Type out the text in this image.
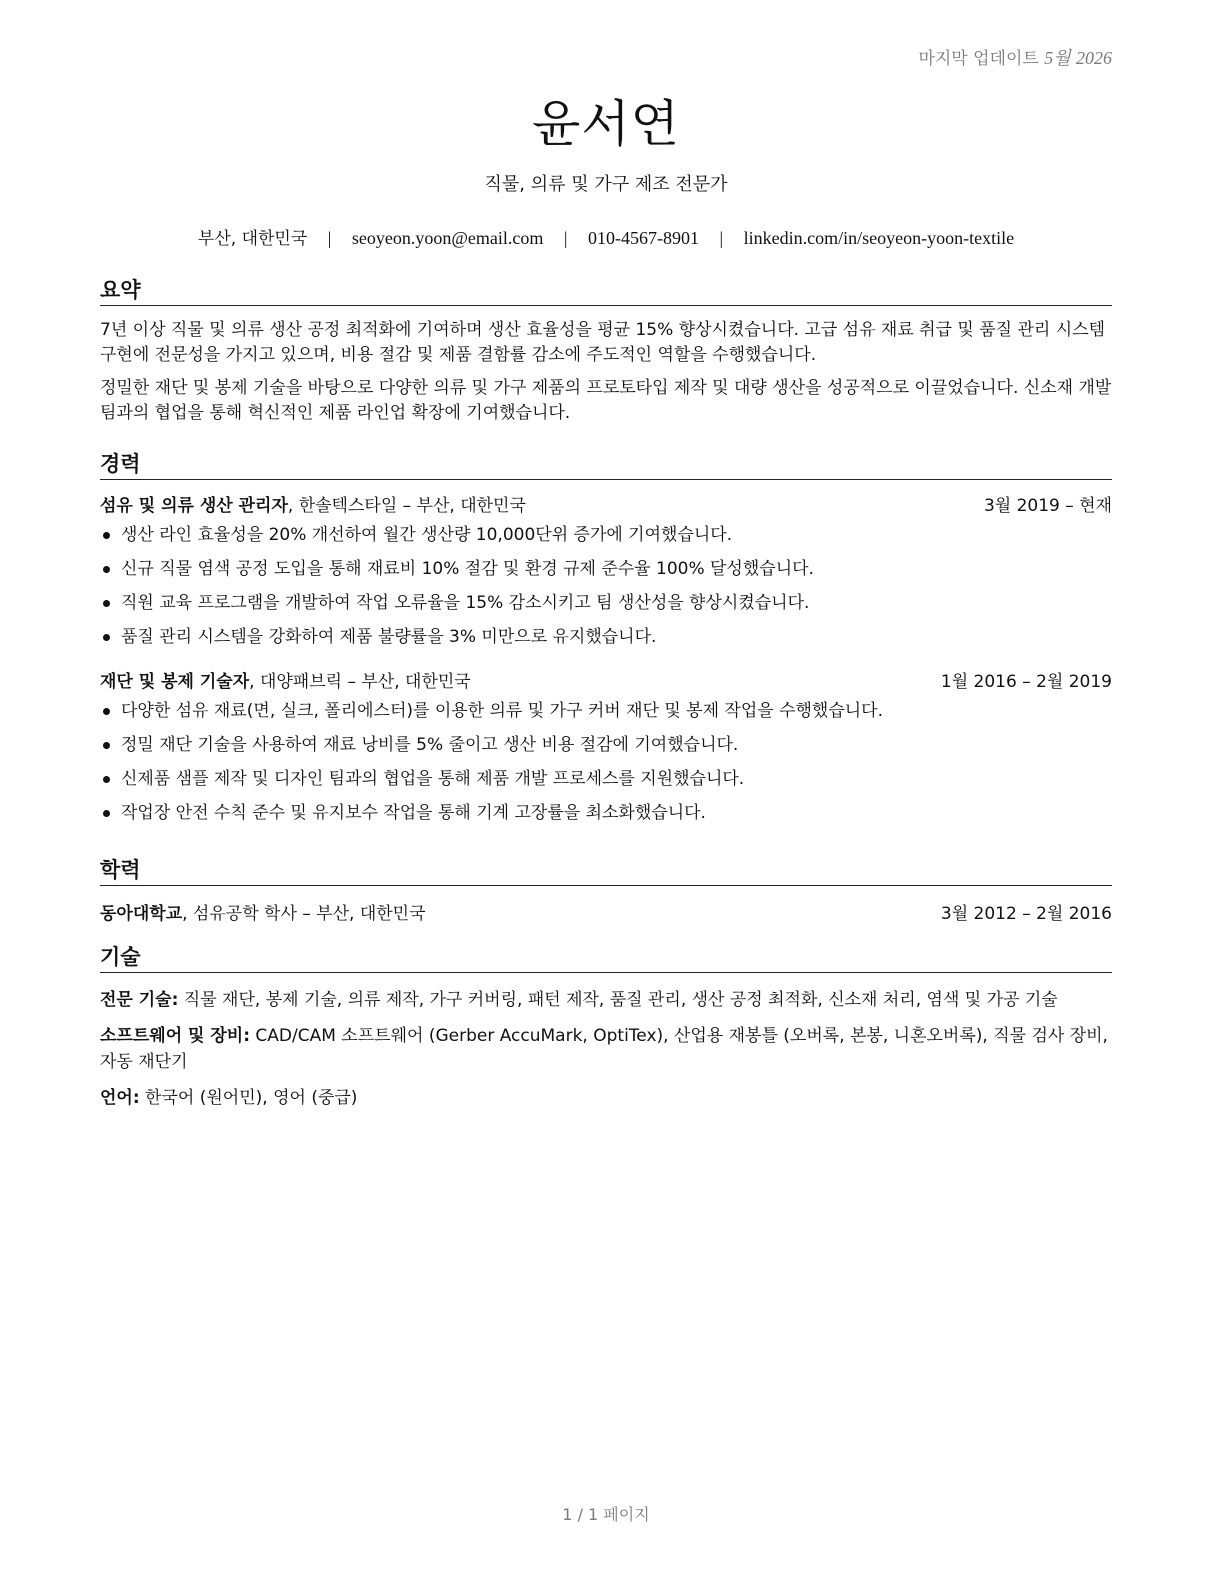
마지막 업데이트 5월 2026
윤서연
직물, 의류 및 가구 제조 전문가
부산, 대한민국 | seoyeon.yoon@email.com | 010-4567-8901 | linkedin.com/in/seoyeon-yoon-textile
요약

7년 이상 직물 및 의류 생산 공정 최적화에 기여하며 생산 효율성을 평균 15% 향상시켰습니다. 고급 섬유 재료 취급 및 품질 관리 시스템 구현에 전문성을 가지고 있으며, 비용 절감 및 제품 결함률 감소에 주도적인 역할을 수행했습니다.

정밀한 재단 및 봉제 기술을 바탕으로 다양한 의류 및 가구 제품의 프로토타입 제작 및 대량 생산을 성공적으로 이끌었습니다. 신소재 개발팀과의 협업을 통해 혁신적인 제품 라인업 확장에 기여했습니다.

경력
섬유 및 의류 생산 관리자, 한솔텍스타일 – 부산, 대한민국	3월 2019 – 현재
생산 라인 효율성을 20% 개선하여 월간 생산량 10,000단위 증가에 기여했습니다.
신규 직물 염색 공정 도입을 통해 재료비 10% 절감 및 환경 규제 준수율 100% 달성했습니다.
직원 교육 프로그램을 개발하여 작업 오류율을 15% 감소시키고 팀 생산성을 향상시켰습니다.
품질 관리 시스템을 강화하여 제품 불량률을 3% 미만으로 유지했습니다.
재단 및 봉제 기술자, 대양패브릭 – 부산, 대한민국	1월 2016 – 2월 2019
다양한 섬유 재료(면, 실크, 폴리에스터)를 이용한 의류 및 가구 커버 재단 및 봉제 작업을 수행했습니다.
정밀 재단 기술을 사용하여 재료 낭비를 5% 줄이고 생산 비용 절감에 기여했습니다.
신제품 샘플 제작 및 디자인 팀과의 협업을 통해 제품 개발 프로세스를 지원했습니다.
작업장 안전 수칙 준수 및 유지보수 작업을 통해 기계 고장률을 최소화했습니다.
학력
동아대학교, 섬유공학 학사 – 부산, 대한민국	3월 2012 – 2월 2016
기술

전문 기술: 직물 재단, 봉제 기술, 의류 제작, 가구 커버링, 패턴 제작, 품질 관리, 생산 공정 최적화, 신소재 처리, 염색 및 가공 기술

소프트웨어 및 장비: CAD/CAM 소프트웨어 (Gerber AccuMark, OptiTex), 산업용 재봉틀 (오버록, 본봉, 니혼오버록), 직물 검사 장비, 자동 재단기

언어: 한국어 (원어민), 영어 (중급)

1 / 1 페이지
